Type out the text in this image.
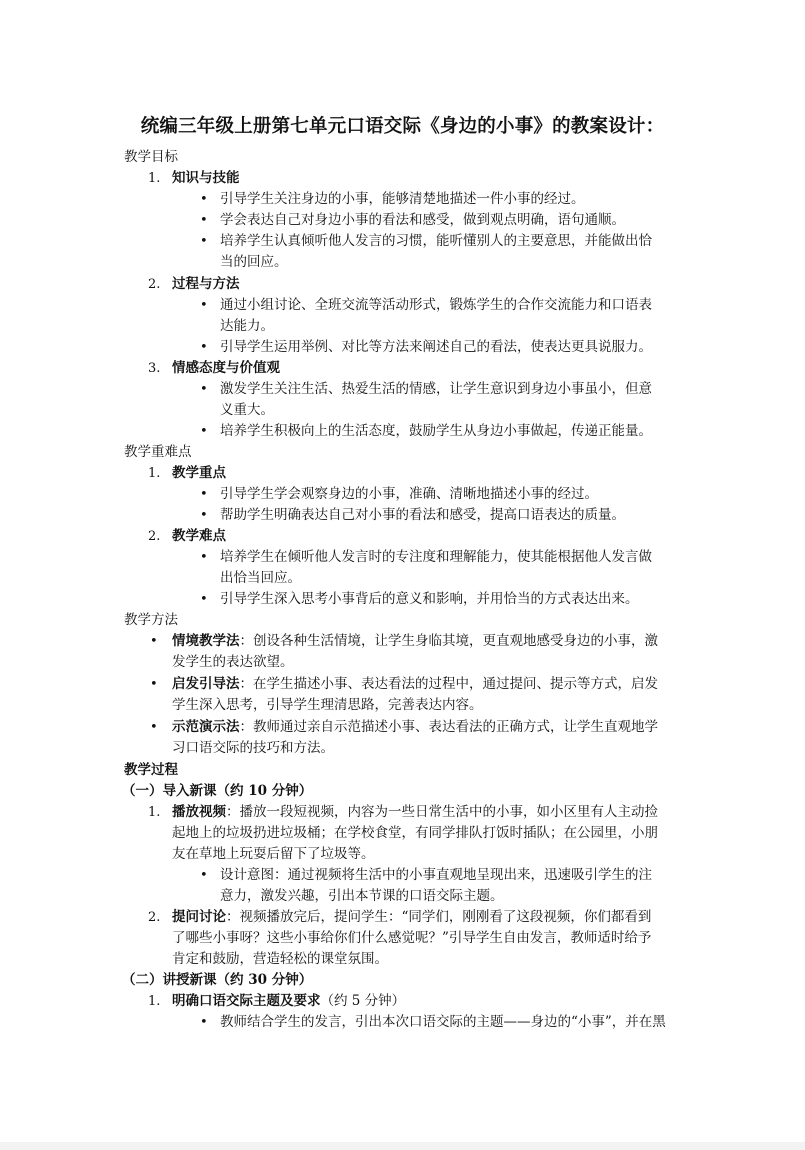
统编三年级上册第七单元口语交际《身边的小事》的教案设计：
教学目标
1. 知识与技能
• 引导学生关注身边的小事，能够清楚地描述一件小事的经过。
• 学会表达自己对身边小事的看法和感受，做到观点明确，语句通顺。
• 培养学生认真倾听他人发言的习惯，能听懂别人的主要意思，并能做出恰
当的回应。
2. 过程与方法
• 通过小组讨论、全班交流等活动形式，锻炼学生的合作交流能力和口语表
达能力。
• 引导学生运用举例、对比等方法来阐述自己的看法，使表达更具说服力。
3. 情感态度与价值观
• 激发学生关注生活、热爱生活的情感，让学生意识到身边小事虽小，但意
义重大。
• 培养学生积极向上的生活态度，鼓励学生从身边小事做起，传递正能量。
教学重难点
1. 教学重点
• 引导学生学会观察身边的小事，准确、清晰地描述小事的经过。
• 帮助学生明确表达自己对小事的看法和感受，提高口语表达的质量。
2. 教学难点
• 培养学生在倾听他人发言时的专注度和理解能力，使其能根据他人发言做
出恰当回应。
• 引导学生深入思考小事背后的意义和影响，并用恰当的方式表达出来。
教学方法
• 情境教学法：创设各种生活情境，让学生身临其境，更直观地感受身边的小事，激
发学生的表达欲望。
• 启发引导法：在学生描述小事、表达看法的过程中，通过提问、提示等方式，启发
学生深入思考，引导学生理清思路，完善表达内容。
• 示范演示法：教师通过亲自示范描述小事、表达看法的正确方式，让学生直观地学
习口语交际的技巧和方法。
教学过程
（一）导入新课（约 10 分钟）
1. 播放视频：播放一段短视频，内容为一些日常生活中的小事，如小区里有人主动捡
起地上的垃圾扔进垃圾桶；在学校食堂，有同学排队打饭时插队；在公园里，小朋
友在草地上玩耍后留下了垃圾等。
• 设计意图：通过视频将生活中的小事直观地呈现出来，迅速吸引学生的注
意力，激发兴趣，引出本节课的口语交际主题。
2. 提问讨论：视频播放完后，提问学生：“同学们，刚刚看了这段视频，你们都看到
了哪些小事呀？这些小事给你们什么感觉呢？”引导学生自由发言，教师适时给予
肯定和鼓励，营造轻松的课堂氛围。
（二）讲授新课（约 30 分钟）
1. 明确口语交际主题及要求（约 5 分钟）
• 教师结合学生的发言，引出本次口语交际的主题——身边的“小事”，并在黑
